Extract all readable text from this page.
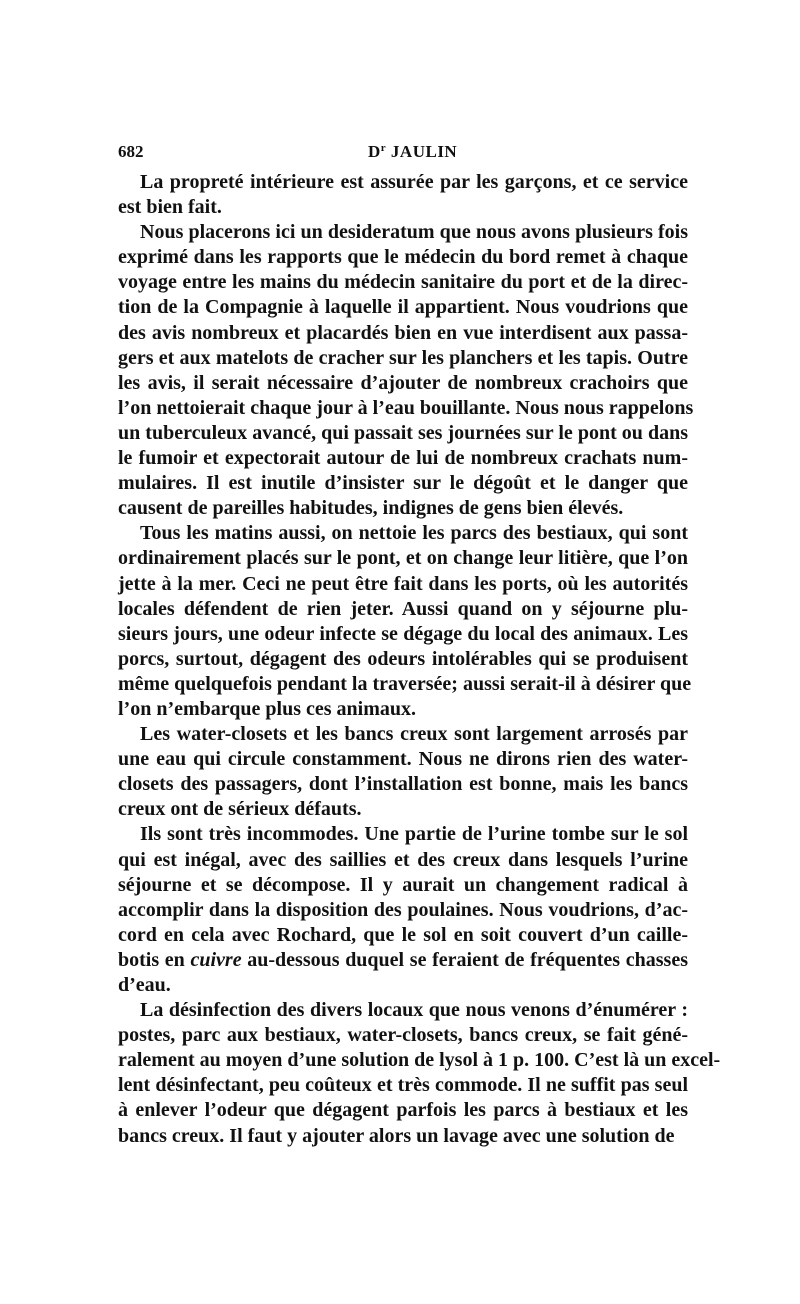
682	$D^r$ JAULIN
La propreté intérieure est assurée par les garçons, et ce service
est bien fait.
Nous placerons ici un desideratum que nous avons plusieurs fois
exprimé dans les rapports que le médecin du bord remet à chaque
voyage entre les mains du médecin sanitaire du port et de la direc-
tion de la Compagnie à laquelle il appartient. Nous voudrions que
des avis nombreux et placardés bien en vue interdisent aux passa-
gers et aux matelots de cracher sur les planchers et les tapis. Outre
les avis, il serait nécessaire d’ajouter de nombreux crachoirs que
l’on nettoierait chaque jour à l’eau bouillante. Nous nous rappelons
un tuberculeux avancé, qui passait ses journées sur le pont ou dans
le fumoir et expectorait autour de lui de nombreux crachats num-
mulaires. Il est inutile d’insister sur le dégoût et le danger que
causent de pareilles habitudes, indignes de gens bien élevés.
Tous les matins aussi, on nettoie les parcs des bestiaux, qui sont
ordinairement placés sur le pont, et on change leur litière, que l’on
jette à la mer. Ceci ne peut être fait dans les ports, où les autorités
locales défendent de rien jeter. Aussi quand on y séjourne plu-
sieurs jours, une odeur infecte se dégage du local des animaux. Les
porcs, surtout, dégagent des odeurs intolérables qui se produisent
même quelquefois pendant la traversée; aussi serait-il à désirer que
l’on n’embarque plus ces animaux.
Les water-closets et les bancs creux sont largement arrosés par
une eau qui circule constamment. Nous ne dirons rien des water-
closets des passagers, dont l’installation est bonne, mais les bancs
creux ont de sérieux défauts.
Ils sont très incommodes. Une partie de l’urine tombe sur le sol
qui est inégal, avec des saillies et des creux dans lesquels l’urine
séjourne et se décompose. Il y aurait un changement radical à
accomplir dans la disposition des poulaines. Nous voudrions, d’ac-
cord en cela avec Rochard, que le sol en soit couvert d’un caille-
botis en cuivre au-dessous duquel se feraient de fréquentes chasses
d’eau.
La désinfection des divers locaux que nous venons d’énumérer :
postes, parc aux bestiaux, water-closets, bancs creux, se fait géné-
ralement au moyen d’une solution de lysol à 1 p. 100. C’est là un excel-
lent désinfectant, peu coûteux et très commode. Il ne suffit pas seul
à enlever l’odeur que dégagent parfois les parcs à bestiaux et les
bancs creux. Il faut y ajouter alors un lavage avec une solution de
